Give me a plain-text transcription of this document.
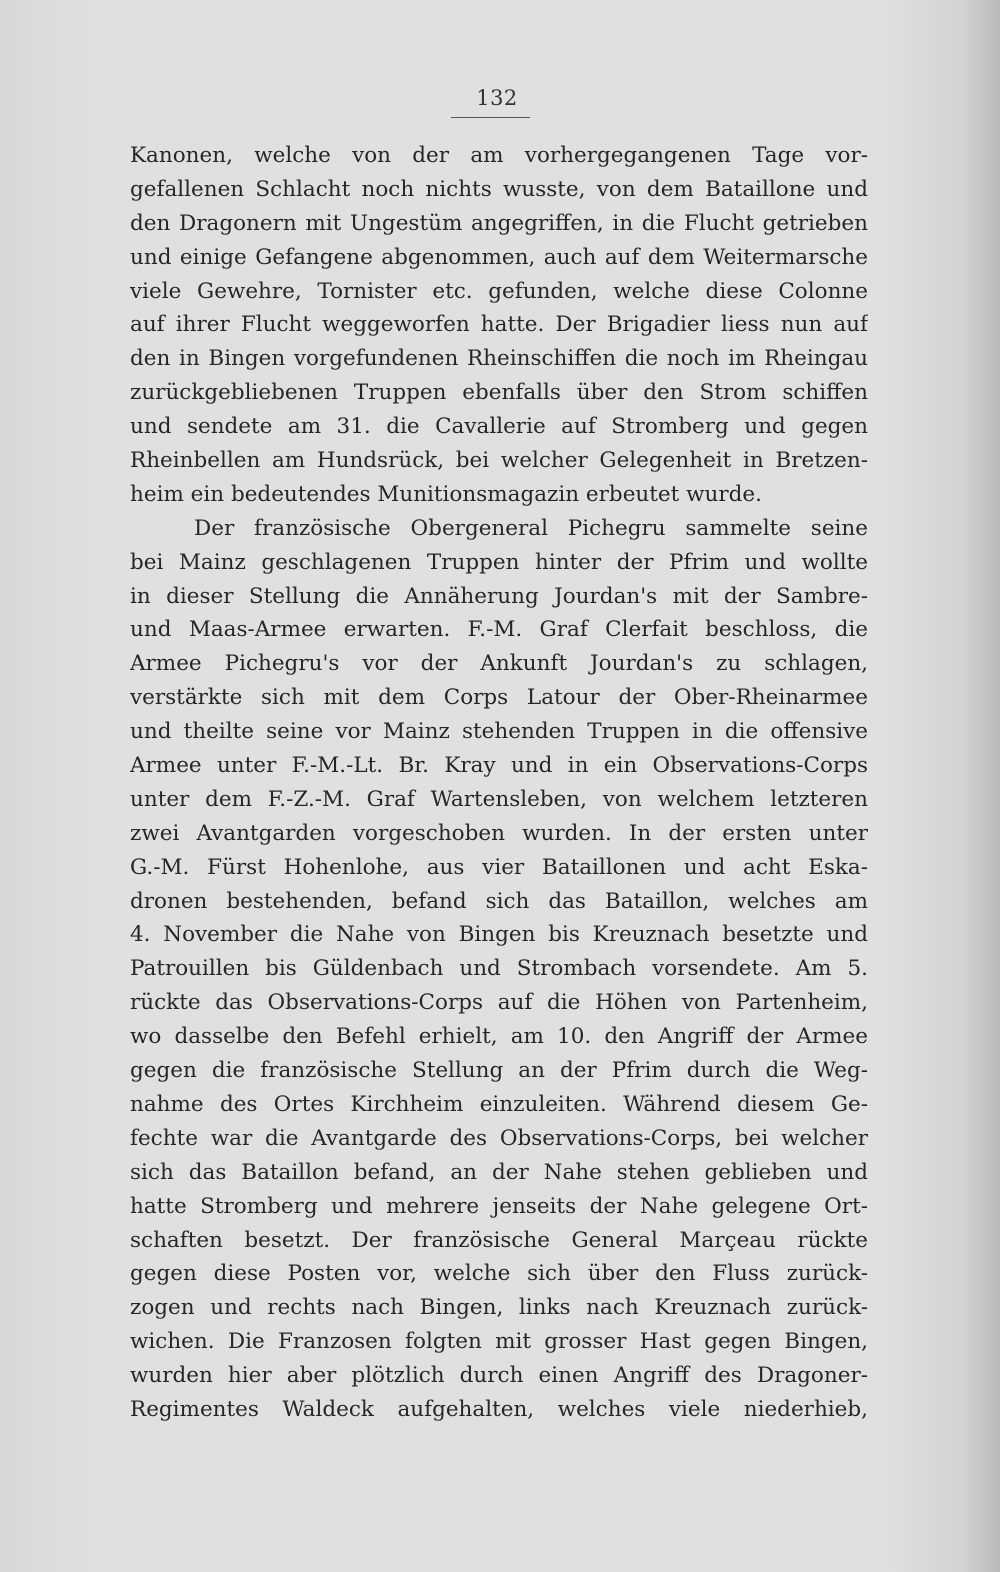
132
Kanonen, welche von der am vorhergegangenen Tage vor-
gefallenen Schlacht noch nichts wusste, von dem Bataillone und
den Dragonern mit Ungestüm angegriffen, in die Flucht getrieben
und einige Gefangene abgenommen, auch auf dem Weitermarsche
viele Gewehre, Tornister etc. gefunden, welche diese Colonne
auf ihrer Flucht weggeworfen hatte. Der Brigadier liess nun auf
den in Bingen vorgefundenen Rheinschiffen die noch im Rheingau
zurückgebliebenen Truppen ebenfalls über den Strom schiffen
und sendete am 31. die Cavallerie auf Stromberg und gegen
Rheinbellen am Hundsrück, bei welcher Gelegenheit in Bretzen-
heim ein bedeutendes Munitionsmagazin erbeutet wurde.
Der französische Obergeneral Pichegru sammelte seine
bei Mainz geschlagenen Truppen hinter der Pfrim und wollte
in dieser Stellung die Annäherung Jourdan's mit der Sambre-
und Maas-Armee erwarten. F.-M. Graf Clerfait beschloss, die
Armee Pichegru's vor der Ankunft Jourdan's zu schlagen,
verstärkte sich mit dem Corps Latour der Ober-Rheinarmee
und theilte seine vor Mainz stehenden Truppen in die offensive
Armee unter F.-M.-Lt. Br. Kray und in ein Observations-Corps
unter dem F.-Z.-M. Graf Wartensleben, von welchem letzteren
zwei Avantgarden vorgeschoben wurden. In der ersten unter
G.-M. Fürst Hohenlohe, aus vier Bataillonen und acht Eska-
dronen bestehenden, befand sich das Bataillon, welches am
4. November die Nahe von Bingen bis Kreuznach besetzte und
Patrouillen bis Güldenbach und Strombach vorsendete. Am 5.
rückte das Observations-Corps auf die Höhen von Partenheim,
wo dasselbe den Befehl erhielt, am 10. den Angriff der Armee
gegen die französische Stellung an der Pfrim durch die Weg-
nahme des Ortes Kirchheim einzuleiten. Während diesem Ge-
fechte war die Avantgarde des Observations-Corps, bei welcher
sich das Bataillon befand, an der Nahe stehen geblieben und
hatte Stromberg und mehrere jenseits der Nahe gelegene Ort-
schaften besetzt. Der französische General Marçeau rückte
gegen diese Posten vor, welche sich über den Fluss zurück-
zogen und rechts nach Bingen, links nach Kreuznach zurück-
wichen. Die Franzosen folgten mit grosser Hast gegen Bingen,
wurden hier aber plötzlich durch einen Angriff des Dragoner-
Regimentes Waldeck aufgehalten, welches viele niederhieb,
